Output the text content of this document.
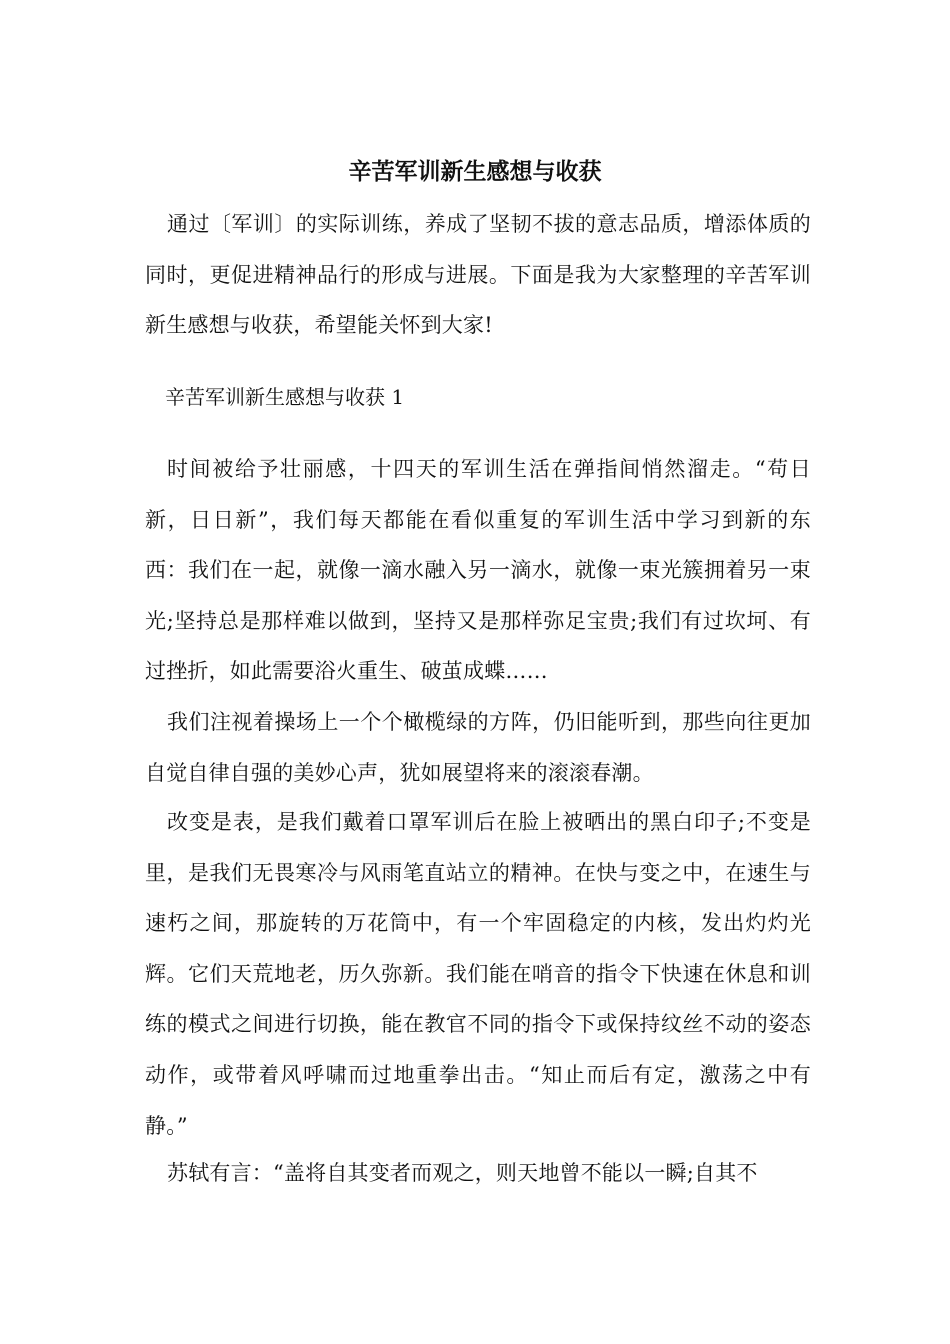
辛苦军训新生感想与收获

通过〔军训〕的实际训练，养成了坚韧不拔的意志品质，增添体质的同时，更促进精神品行的形成与进展。下面是我为大家整理的辛苦军训新生感想与收获，希望能关怀到大家!

辛苦军训新生感想与收获 1

时间被给予壮丽感，十四天的军训生活在弹指间悄然溜走。“苟日新，日日新”，我们每天都能在看似重复的军训生活中学习到新的东西：我们在一起，就像一滴水融入另一滴水，就像一束光簇拥着另一束光;坚持总是那样难以做到，坚持又是那样弥足宝贵;我们有过坎坷、有过挫折，如此需要浴火重生、破茧成蝶……

我们注视着操场上一个个橄榄绿的方阵，仍旧能听到，那些向往更加自觉自律自强的美妙心声，犹如展望将来的滚滚春潮。

改变是表，是我们戴着口罩军训后在脸上被晒出的黑白印子;不变是里，是我们无畏寒冷与风雨笔直站立的精神。在快与变之中，在速生与速朽之间，那旋转的万花筒中，有一个牢固稳定的内核，发出灼灼光辉。它们天荒地老，历久弥新。我们能在哨音的指令下快速在休息和训练的模式之间进行切换，能在教官不同的指令下或保持纹丝不动的姿态动作，或带着风呼啸而过地重拳出击。“知止而后有定，激荡之中有静。”

苏轼有言：“盖将自其变者而观之，则天地曾不能以一瞬;自其不
